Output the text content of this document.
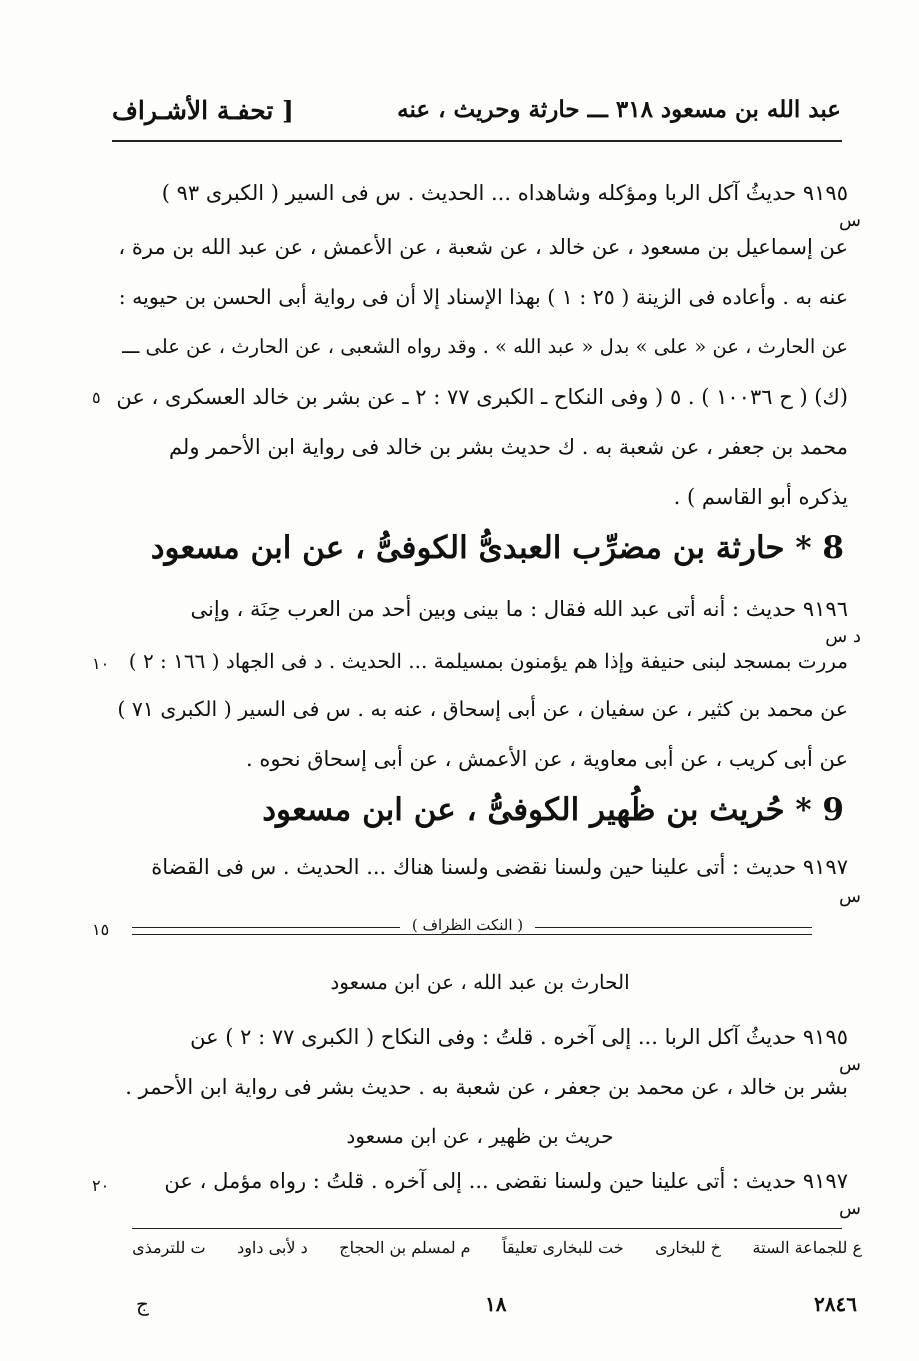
عبد الله بن مسعود ٣١٨ ـــ حارثة وحريث ، عنه
[ تحفـة الأشـراف
٩١٩٥ حديثُ آكل الربا ومؤكله وشاهداه ... الحديث . س فى السير ( الكبرى ٩٣ )
س
عن إسماعيل بن مسعود ، عن خالد ، عن شعبة ، عن الأعمش ، عن عبد الله بن مرة ،
عنه به . وأعاده فى الزينة ( ٢٥ : ١ ) بهذا الإسناد إلا أن فى رواية أبى الحسن بن حيويه :
عن الحارث ، عن « على » بدل « عبد الله » . وقد رواه الشعبى ، عن الحارث ، عن على ـــ
(ك) ( ح ١٠٠٣٦ ) . ٥ ( وفى النكاح ـ الكبرى ٧٧ : ٢ ـ عن بشر بن خالد العسكرى ، عن
٥
محمد بن جعفر ، عن شعبة به . ك حديث بشر بن خالد فى رواية ابن الأحمر ولم
يذكره أبو القاسم ) .
8 * حارثة بن مضرِّب العبدىُّ الكوفىُّ ، عن ابن مسعود
٩١٩٦ حديث : أنه أتى عبد الله فقال : ما بينى وبين أحد من العرب حِنَة ، وإنى
د س
مررت بمسجد لبنى حنيفة وإذا هم يؤمنون بمسيلمة ... الحديث . د فى الجهاد ( ١٦٦ : ٢ )
١٠
عن محمد بن كثير ، عن سفيان ، عن أبى إسحاق ، عنه به . س فى السير ( الكبرى ٧١ )
عن أبى كريب ، عن أبى معاوية ، عن الأعمش ، عن أبى إسحاق نحوه .
9 * حُريث بن ظُهير الكوفىُّ ، عن ابن مسعود
٩١٩٧ حديث : أتى علينا حين ولسنا نقضى ولسنا هناك ... الحديث . س فى القضاة
س
( النكت الظراف )
١٥
الحارث بن عبد الله ، عن ابن مسعود
٩١٩٥ حديثُ آكل الربا ... إلى آخره . قلتُ : وفى النكاح ( الكبرى ٧٧ : ٢ ) عن
س
بشر بن خالد ، عن محمد بن جعفر ، عن شعبة به . حديث بشر فى رواية ابن الأحمر .
حريث بن ظهير ، عن ابن مسعود
٩١٩٧ حديث : أتى علينا حين ولسنا نقضى ... إلى آخره . قلتُ : رواه مؤمل ، عن
٢٠
س
ع للجماعة الستة
خ للبخارى
خت للبخارى تعليقاً
م لمسلم بن الحجاج
د لأبى داود
ت للترمذى
٢٨٤٦
١٨
ج
